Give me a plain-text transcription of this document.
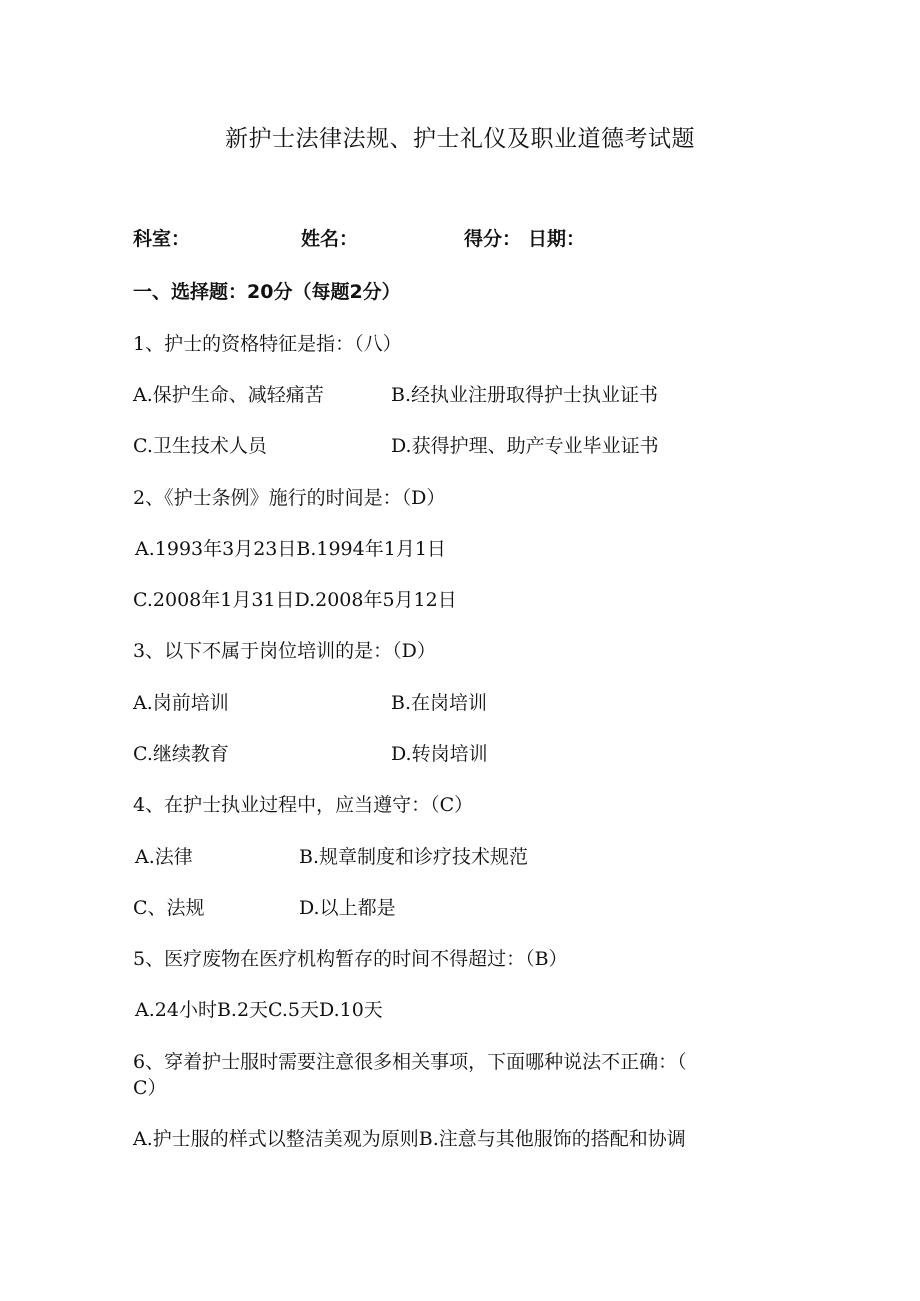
新护士法律法规、护士礼仪及职业道德考试题
科室：	姓名：	得分： 日期：
一、选择题：20分（每题2分）
1、护士的资格特征是指：（八）
A.保护生命、减轻痛苦	B.经执业注册取得护士执业证书
C.卫生技术人员	D.获得护理、助产专业毕业证书
2、《护士条例》施行的时间是：（D）
A.1993年3月23日B.1994年1月1日
C.2008年1月31日D.2008年5月12日
3、以下不属于岗位培训的是：（D）
A.岗前培训	B.在岗培训
C.继续教育	D.转岗培训
4、在护士执业过程中，应当遵守：（C）
A.法律	B.规章制度和诊疗技术规范
C、法规	D.以上都是
5、医疗废物在医疗机构暂存的时间不得超过：（B）
A.24小时B.2天C.5天D.10天
6、穿着护士服时需要注意很多相关事项，下面哪种说法不正确：（
C）
A.护士服的样式以整洁美观为原则B.注意与其他服饰的搭配和协调
